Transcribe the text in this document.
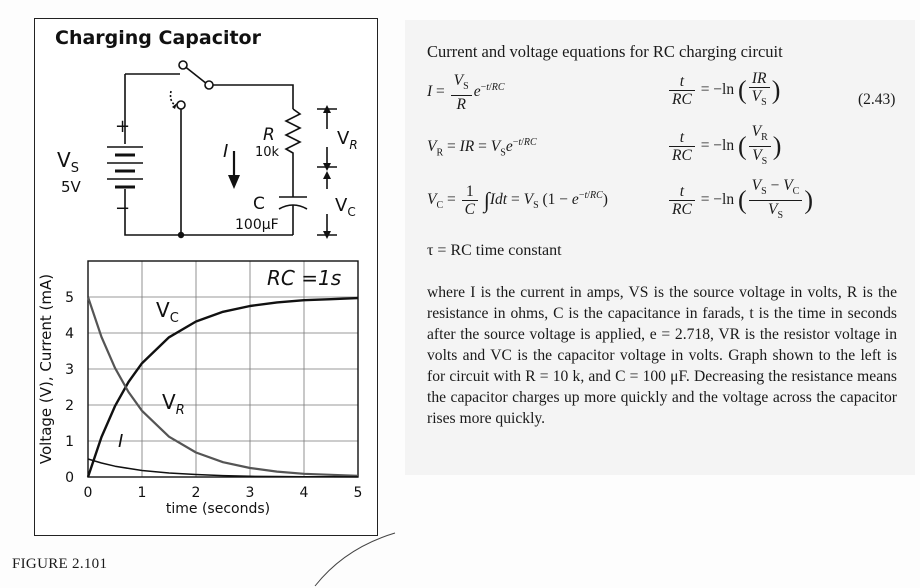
Charging Capacitor
+
−
$V_S$
5V
R
10k
C
100μF
I
$V_R$
$V_C$
0	1	2	3	4	5
0
1
2
3
4
5
time (seconds)
Voltage (V), Current (mA)	RC =1s
$V_C$
$V_R$
I
FIGURE 2.101
Current and voltage equations for RC charging circuit
$I = \frac{V_S}{R} e^{-t/RC}$	$\frac{t}{RC} = -\ln$ ( $\frac{IR}{V_S}$ )	(2.43)
$V_R$ = IR = $V_Se^{-t/RC}$	$\frac{t}{RC} = -\ln$ ( $\frac{V_R}{V_S}$ )
$V_C = \frac{1}{C} \int Idt = V_S$ $(1 - e^{-t/RC})$	$\frac{t}{RC} = -\ln$ ( $\frac{V_S - V_C}{V_S}$ )
τ = RC time constant
where I is the current in amps, VS is the source voltage in volts, R is the resistance in ohms, C is the capacitance in farads, t is the time in seconds after the source voltage is applied, e = 2.718, VR is the resistor voltage in volts and VC is the capacitor voltage in volts. Graph shown to the left is for circuit with R = 10 k, and C = 100 μF. Decreasing the resistance means the capacitor charges up more quickly and the voltage across the capacitor rises more quickly.
